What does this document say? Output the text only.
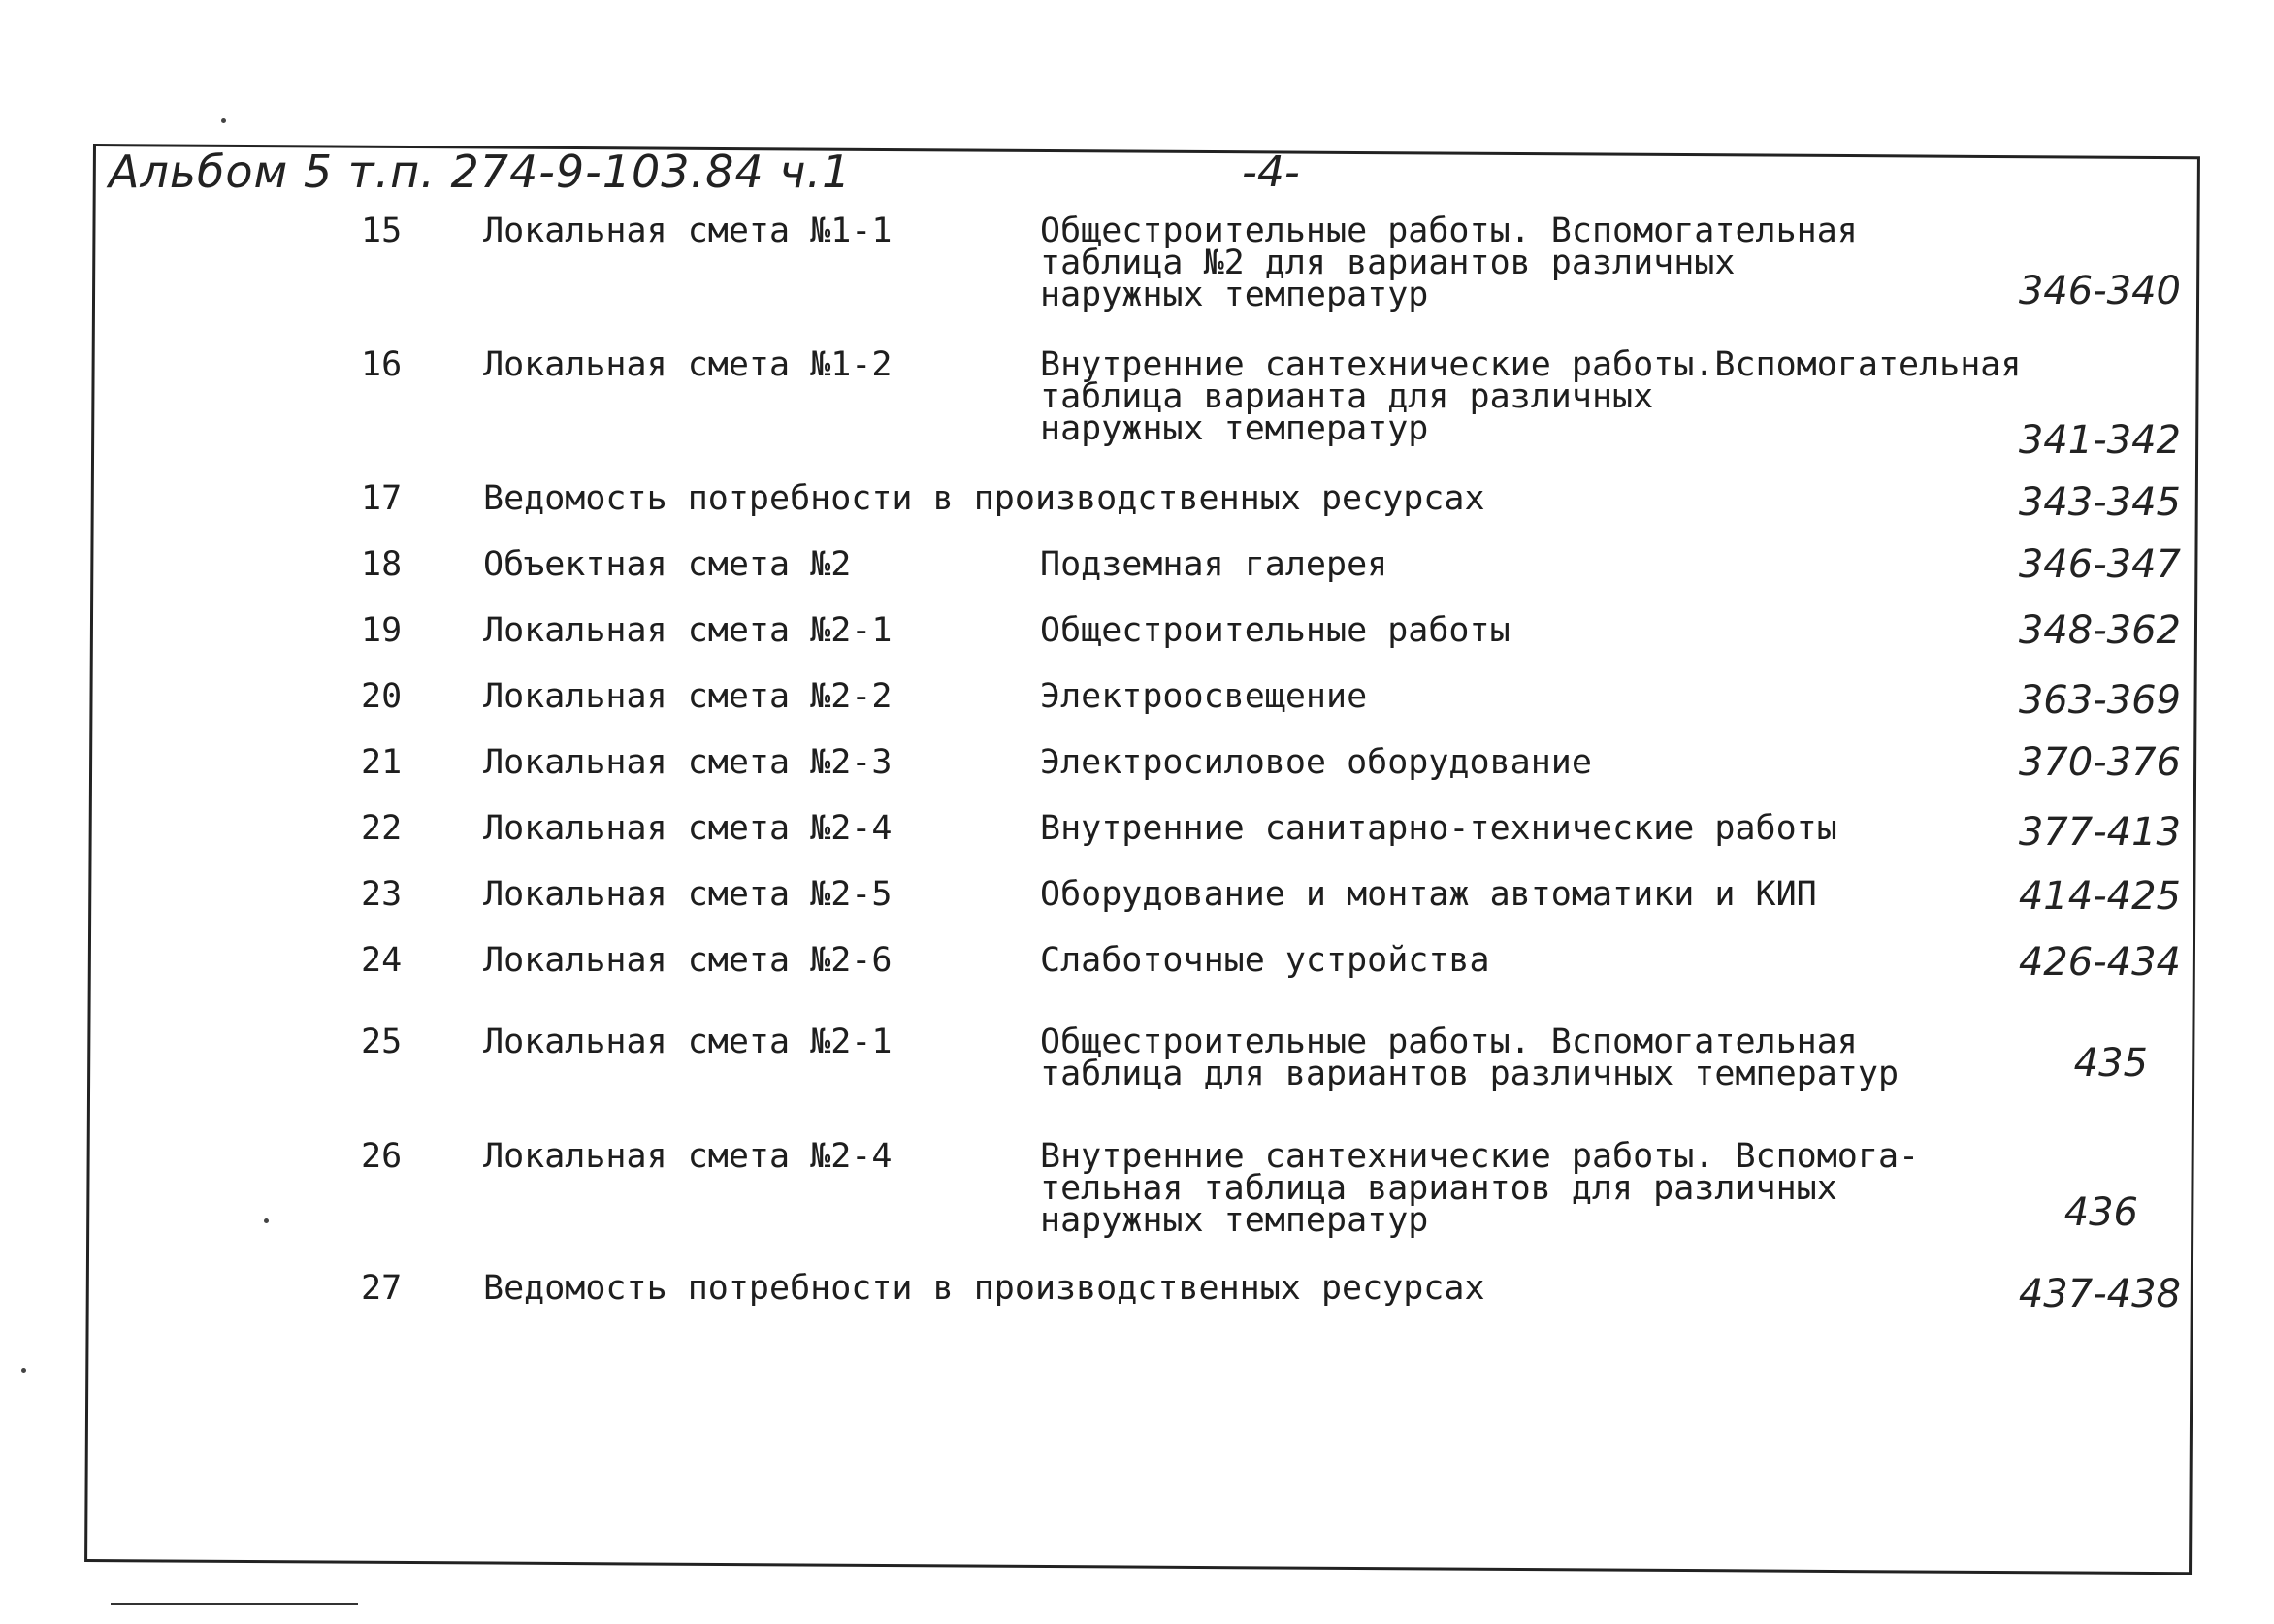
Альбом 5 т.п. 274-9-103.84 ч.1	-4-
15	Локальная смета №1-1	Общестроительные работы. Вспомогательная
таблица №2 для вариантов различных
наружных температур	346-340
16	Локальная смета №1-2	Внутренние сантехнические работы.Вспомогательная
таблица варианта для различных
наружных температур	341-342
17	Ведомость потребности в производственных ресурсах	343-345
18	Объектная смета №2	Подземная галерея	346-347
19	Локальная смета №2-1	Общестроительные работы	348-362
20	Локальная смета №2-2	Электроосвещение	363-369
21	Локальная смета №2-3	Электросиловое оборудование	370-376
22	Локальная смета №2-4	Внутренние санитарно-технические работы	377-413
23	Локальная смета №2-5	Оборудование и монтаж автоматики и КИП	414-425
24	Локальная смета №2-6	Слаботочные устройства	426-434
25	Локальная смета №2-1	Общестроительные работы. Вспомогательная
таблица для вариантов различных температур	435
26	Локальная смета №2-4	Внутренние сантехнические работы. Вспомога-
тельная таблица вариантов для различных
наружных температур	436
27	Ведомость потребности в производственных ресурсах	437-438
